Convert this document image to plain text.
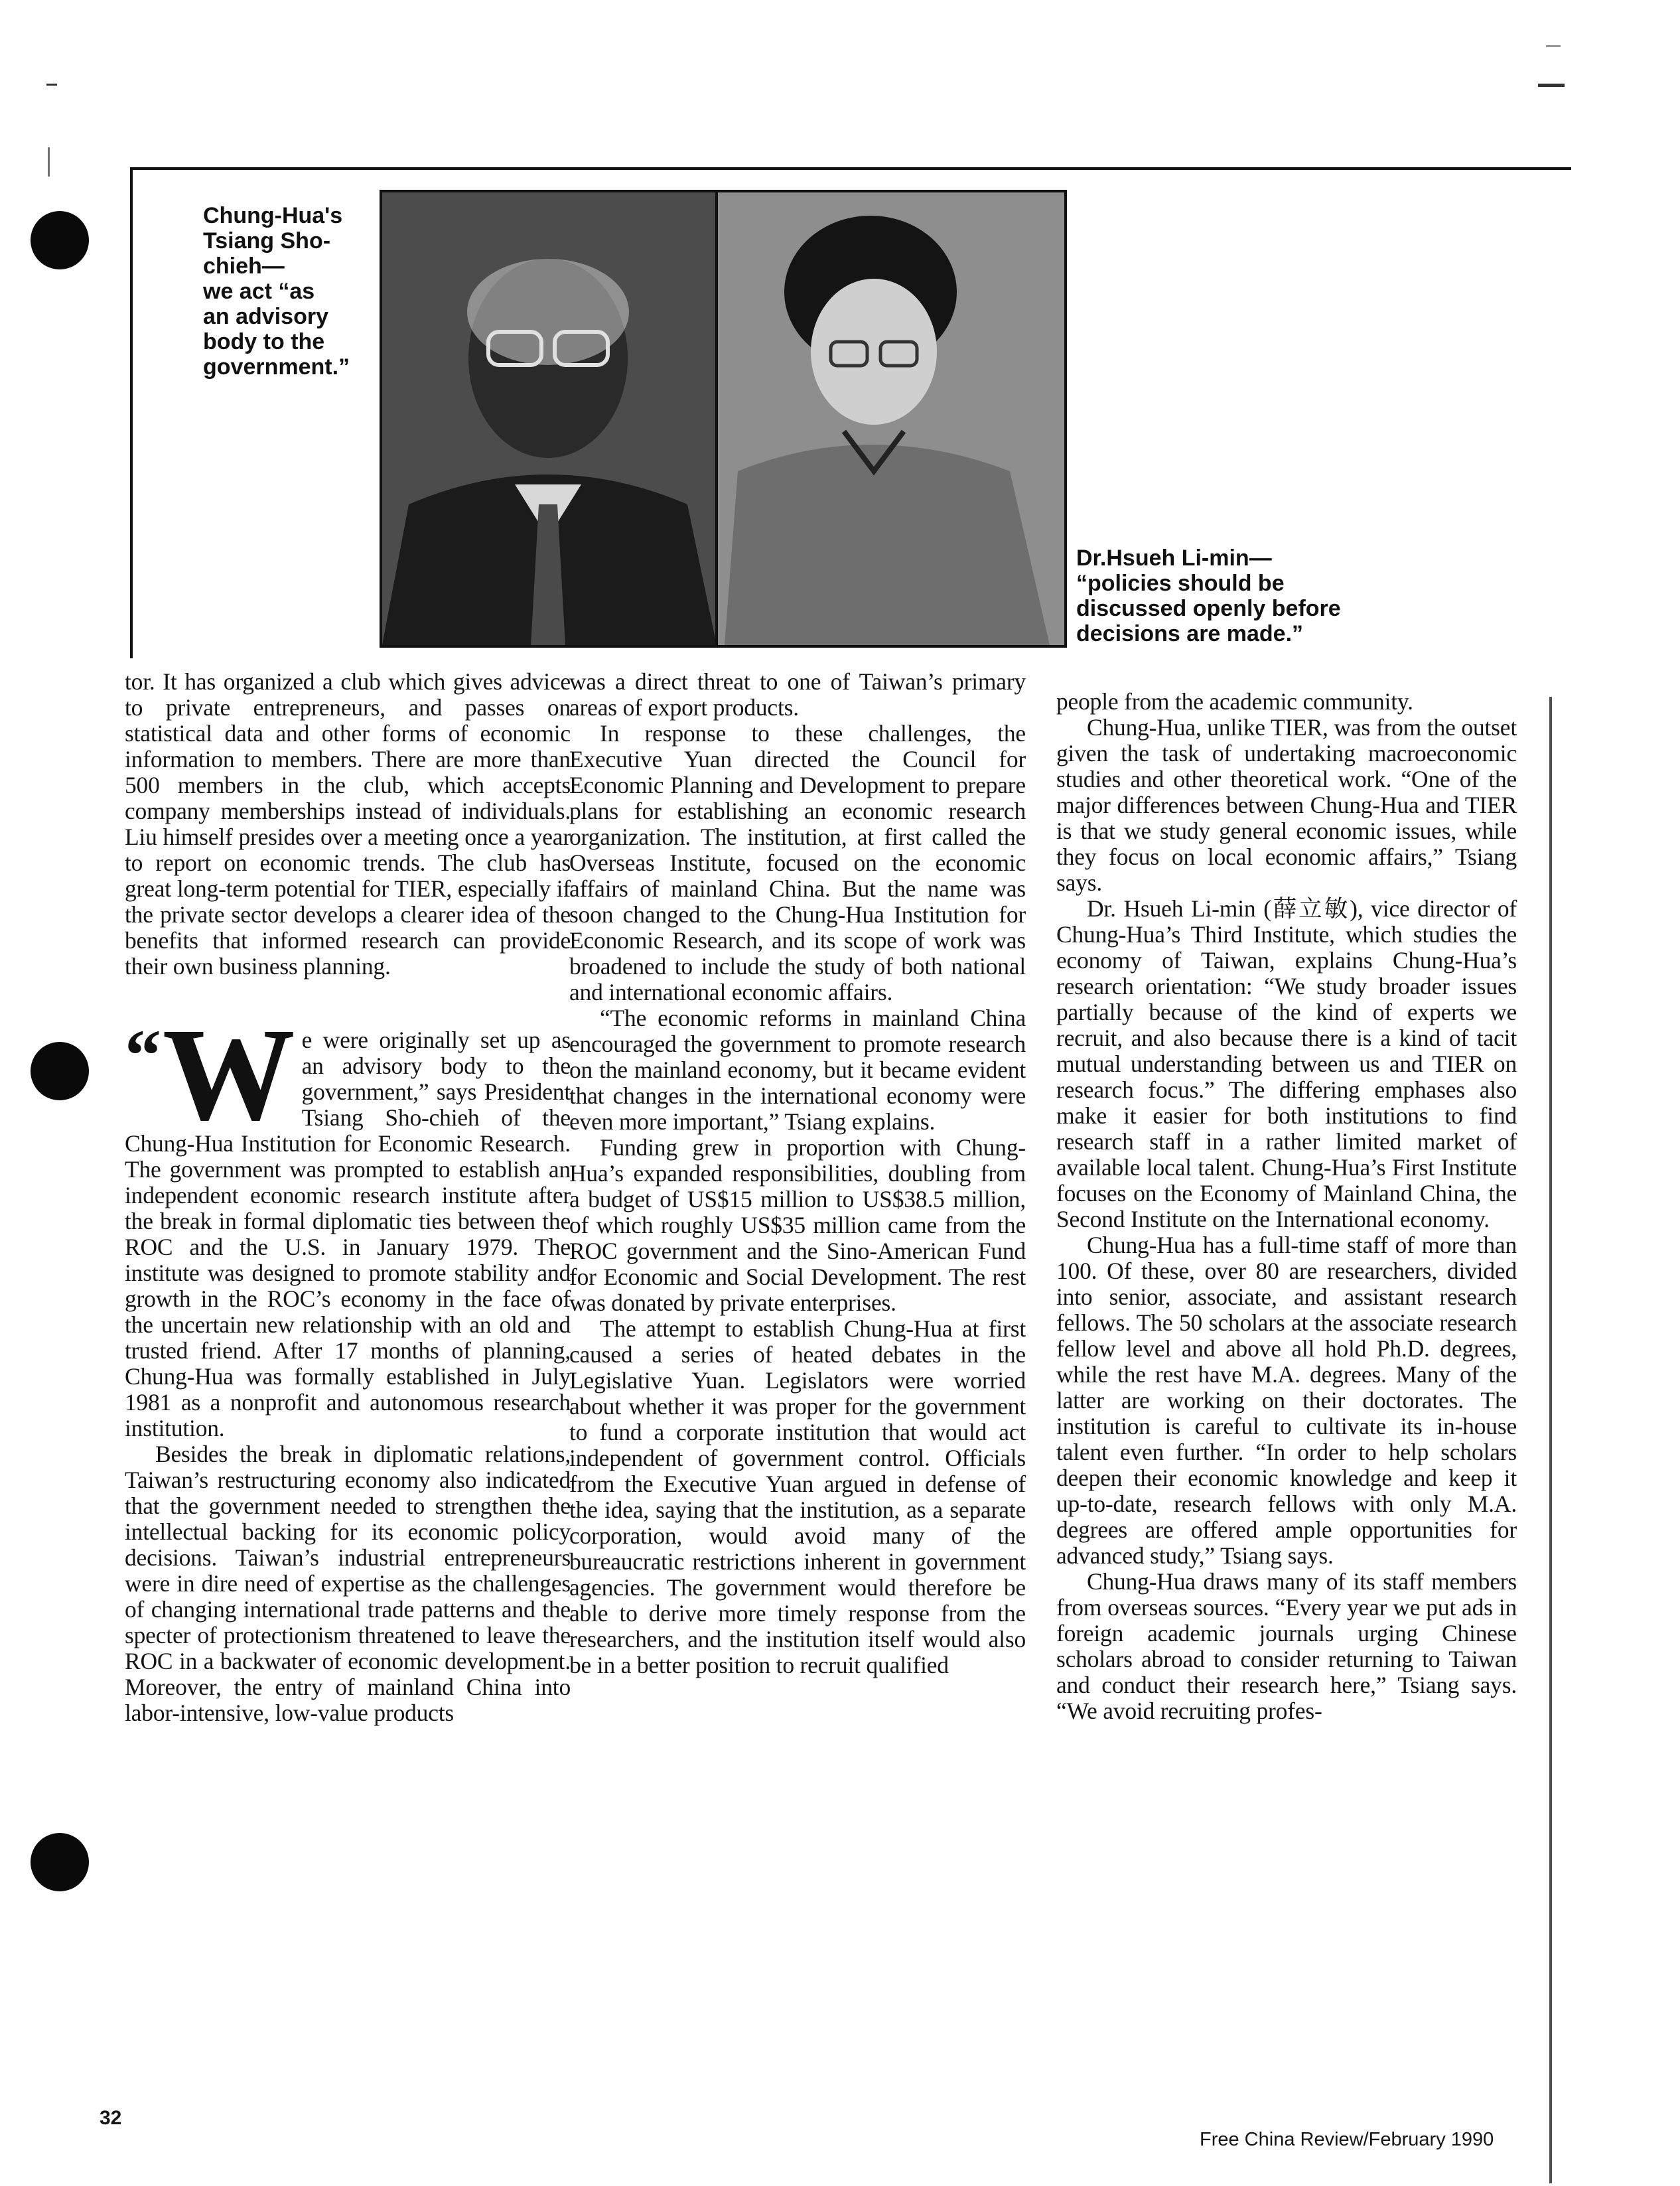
Chung-Hua's
Tsiang Sho-
chieh—
we act “as
an advisory
body to the
government.”
Dr.Hsueh Li-min—
“policies should be
discussed openly before
decisions are made.”

tor. It has organized a club which gives advice to private entrepreneurs, and passes on statistical data and other forms of economic information to members. There are more than 500 members in the club, which accepts company memberships instead of individuals. Liu himself presides over a meeting once a year to report on economic trends. The club has great long-term potential for TIER, especially if the private sector develops a clearer idea of the benefits that informed research can provide their own business planning.

“ W e were originally set up as an advisory body to the government,” says President Tsiang Sho-chieh of the Chung-Hua Institution for Economic Research. The government was prompted to establish an independent economic research institute after the break in formal diplomatic ties between the ROC and the U.S. in January 1979. The institute was designed to promote stability and growth in the ROC’s economy in the face of the uncertain new relationship with an old and trusted friend. After 17 months of planning, Chung-Hua was formally established in July 1981 as a nonprofit and autonomous research institution.

Besides the break in diplomatic relations, Taiwan’s restructuring economy also indicated that the government needed to strengthen the intellectual backing for its economic policy decisions. Taiwan’s industrial entrepreneurs were in dire need of expertise as the challenges of changing international trade patterns and the specter of protectionism threatened to leave the ROC in a backwater of economic development. Moreover, the entry of mainland China into labor-intensive, low-value products

was a direct threat to one of Taiwan’s primary areas of export products.

In response to these challenges, the Executive Yuan directed the Council for Economic Planning and Development to prepare plans for establishing an economic research organization. The institution, at first called the Overseas Institute, focused on the economic affairs of mainland China. But the name was soon changed to the Chung-Hua Institution for Economic Research, and its scope of work was broadened to include the study of both national and international economic affairs.

“The economic reforms in mainland China encouraged the government to promote research on the mainland economy, but it became evident that changes in the international economy were even more important,” Tsiang explains.

Funding grew in proportion with Chung-Hua’s expanded responsibilities, doubling from a budget of US$15 million to US$38.5 million, of which roughly US$35 million came from the ROC government and the Sino-American Fund for Economic and Social Development. The rest was donated by private enterprises.

The attempt to establish Chung-Hua at first caused a series of heated debates in the Legislative Yuan. Legislators were worried about whether it was proper for the government to fund a corporate institution that would act independent of government control. Officials from the Executive Yuan argued in defense of the idea, saying that the institution, as a separate corporation, would avoid many of the bureaucratic restrictions inherent in government agencies. The government would therefore be able to derive more timely response from the researchers, and the institution itself would also be in a better position to recruit qualified

people from the academic community.

Chung-Hua, unlike TIER, was from the outset given the task of undertaking macroeconomic studies and other theoretical work. “One of the major differences between Chung-Hua and TIER is that we study general economic issues, while they focus on local economic affairs,” Tsiang says.

Dr. Hsueh Li-min (薛立敏), vice director of Chung-Hua’s Third Institute, which studies the economy of Taiwan, explains Chung-Hua’s research orientation: “We study broader issues partially because of the kind of experts we recruit, and also because there is a kind of tacit mutual understanding between us and TIER on research focus.” The differing emphases also make it easier for both institutions to find research staff in a rather limited market of available local talent. Chung-Hua’s First Institute focuses on the Economy of Mainland China, the Second Institute on the International economy.

Chung-Hua has a full-time staff of more than 100. Of these, over 80 are researchers, divided into senior, associate, and assistant research fellows. The 50 scholars at the associate research fellow level and above all hold Ph.D. degrees, while the rest have M.A. degrees. Many of the latter are working on their doctorates. The institution is careful to cultivate its in-house talent even further. “In order to help scholars deepen their economic knowledge and keep it up-to-date, research fellows with only M.A. degrees are offered ample opportunities for advanced study,” Tsiang says.

Chung-Hua draws many of its staff members from overseas sources. “Every year we put ads in foreign academic journals urging Chinese scholars abroad to consider returning to Taiwan and conduct their research here,” Tsiang says. “We avoid recruiting profes-

32
Free China Review/February 1990
